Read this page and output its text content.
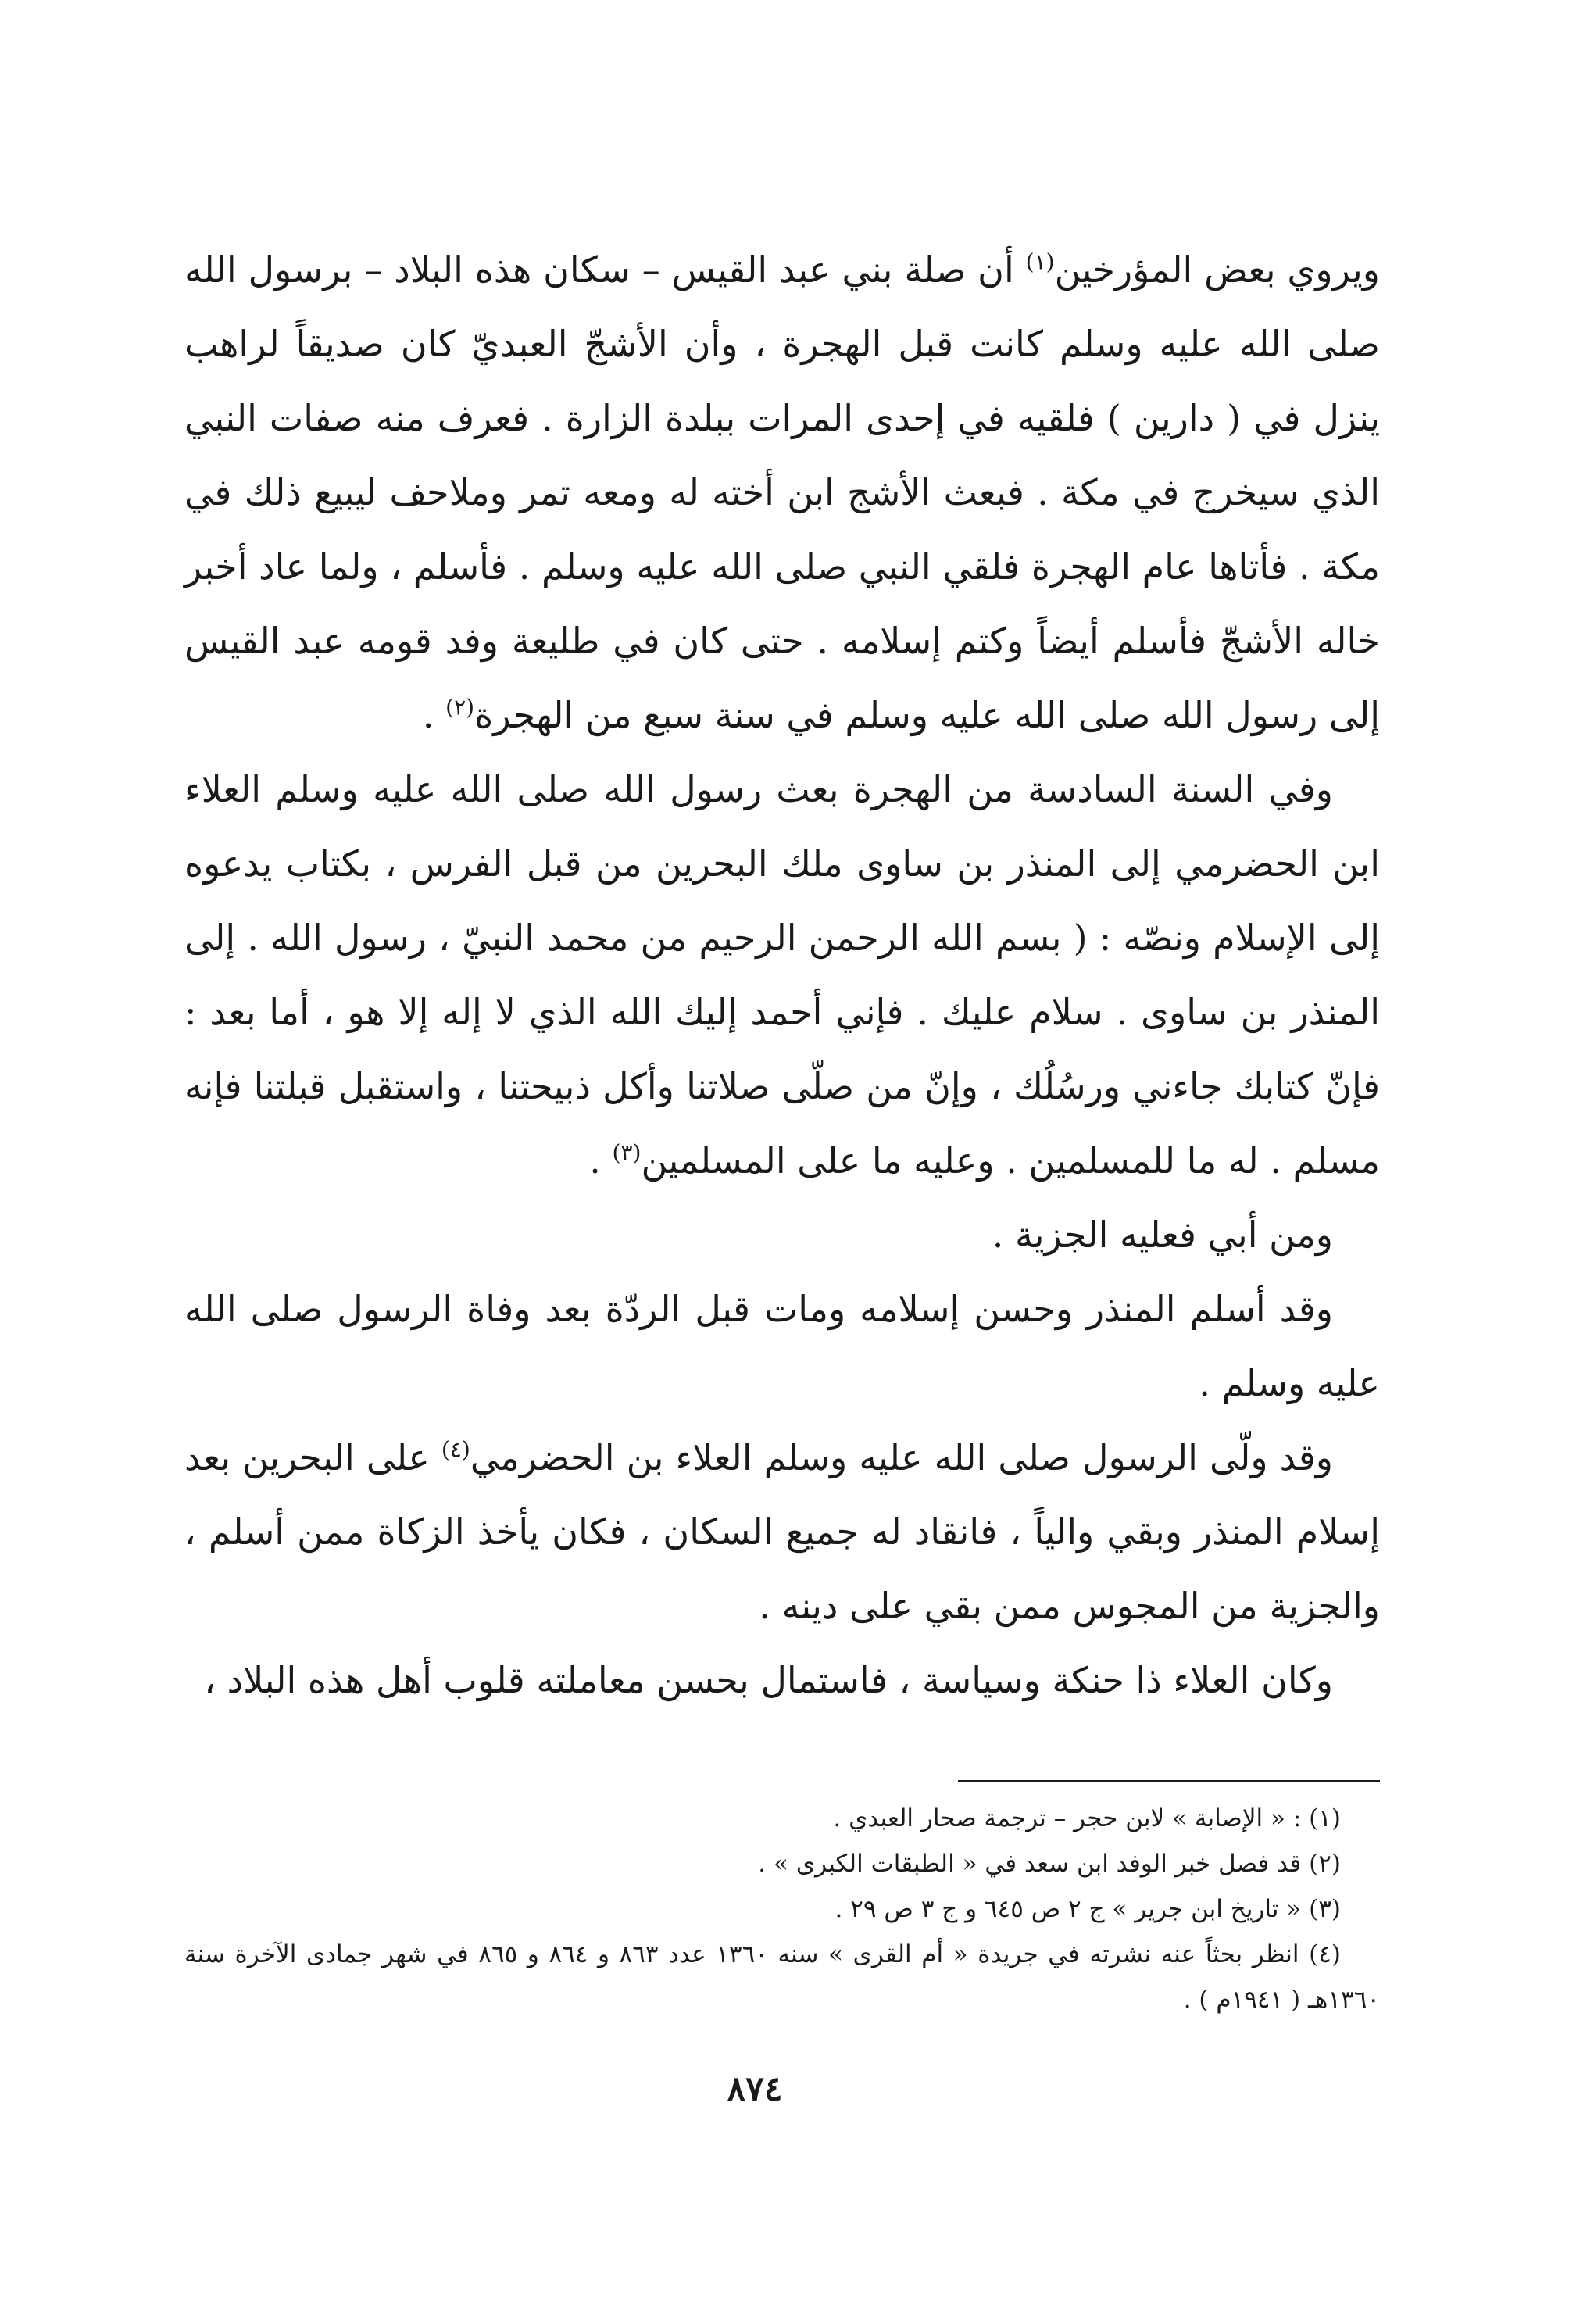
ويروي بعض المؤرخين$^{(١)}$ أن صلة بني عبد القيس – سكان هذه البلاد – برسول الله صلى الله عليه وسلم كانت قبل الهجرة ، وأن الأشجّ العبديّ كان صديقاً لراهب ينزل في ( دارين ) فلقيه في إحدى المرات ببلدة الزارة . فعرف منه صفات النبي الذي سيخرج في مكة . فبعث الأشج ابن أخته له ومعه تمر وملاحف ليبيع ذلك في مكة . فأتاها عام الهجرة فلقي النبي صلى الله عليه وسلم . فأسلم ، ولما عاد أخبر خاله الأشجّ فأسلم أيضاً وكتم إسلامه . حتى كان في طليعة وفد قومه عبد القيس إلى رسول الله صلى الله عليه وسلم في سنة سبع من الهجرة$^{(٢)}$ .

وفي السنة السادسة من الهجرة بعث رسول الله صلى الله عليه وسلم العلاء ابن الحضرمي إلى المنذر بن ساوى ملك البحرين من قبل الفرس ، بكتاب يدعوه إلى الإسلام ونصّه : ( بسم الله الرحمن الرحيم من محمد النبيّ ، رسول الله . إلى المنذر بن ساوى . سلام عليك . فإني أحمد إليك الله الذي لا إله إلا هو ، أما بعد : فإنّ كتابك جاءني ورسُلُك ، وإنّ من صلّى صلاتنا وأكل ذبيحتنا ، واستقبل قبلتنا فإنه مسلم . له ما للمسلمين . وعليه ما على المسلمين$^{(٣)}$ .

ومن أبي فعليه الجزية .

وقد أسلم المنذر وحسن إسلامه ومات قبل الردّة بعد وفاة الرسول صلى الله عليه وسلم .

وقد ولّى الرسول صلى الله عليه وسلم العلاء بن الحضرمي$^{(٤)}$ على البحرين بعد إسلام المنذر وبقي والياً ، فانقاد له جميع السكان ، فكان يأخذ الزكاة ممن أسلم ، والجزية من المجوس ممن بقي على دينه .

وكان العلاء ذا حنكة وسياسة ، فاستمال بحسن معاملته قلوب أهل هذه البلاد ،

(١) : « الإصابة » لابن حجر – ترجمة صحار العبدي .

(٢) قد فصل خبر الوفد ابن سعد في « الطبقات الكبرى » .

(٣) « تاريخ ابن جرير » ج ٢ ص ٦٤٥ و ج ٣ ص ٢٩ .

(٤) انظر بحثاً عنه نشرته في جريدة « أم القرى » سنه ١٣٦٠ عدد ٨٦٣ و ٨٦٤ و ٨٦٥ في شهر جمادى الآخرة سنة ١٣٦٠هـ ( ١٩٤١م ) .

٨٧٤
